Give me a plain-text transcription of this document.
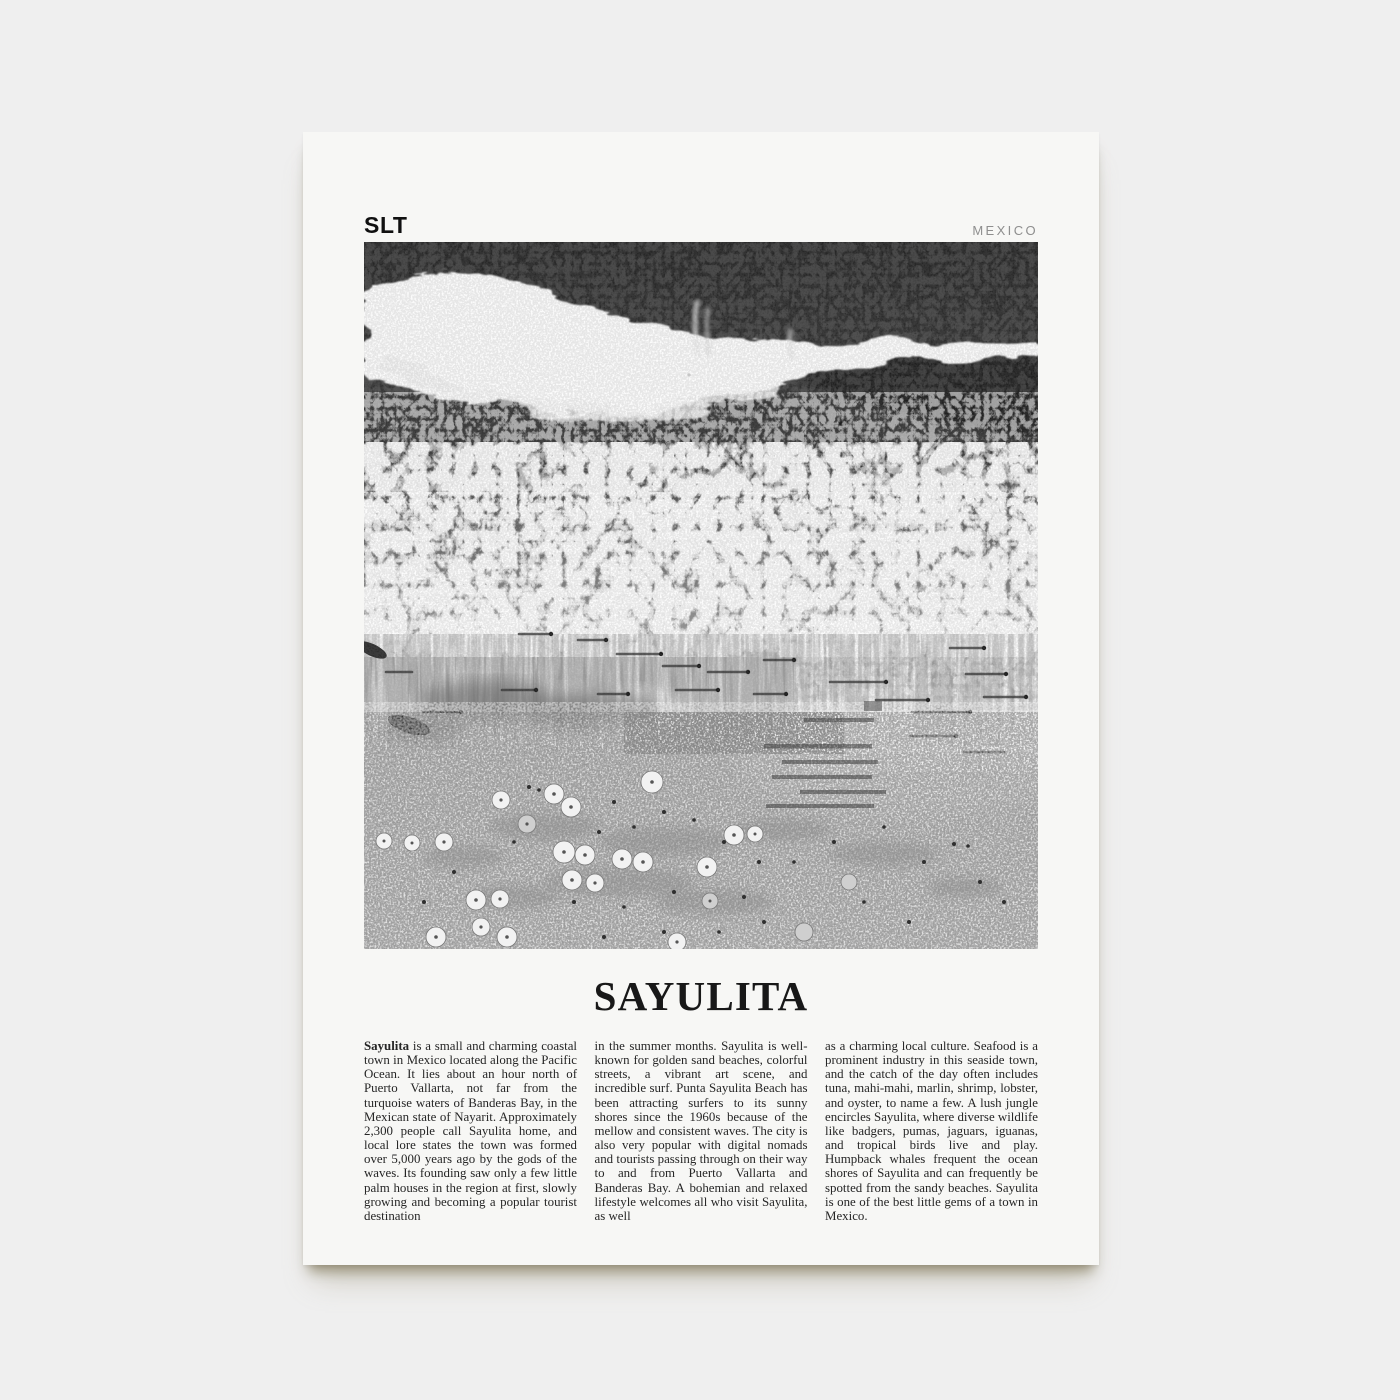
SLT	MEXICO
SAYULITA
Sayulita is a small and charming coastal town in Mexico located along the Pacific Ocean. It lies about an hour north of Puerto Vallarta, not far from the turquoise waters of Banderas Bay, in the Mexican state of Nayarit. Approximately 2,300 people call Sayulita home, and local lore states the town was formed over 5,000 years ago by the gods of the waves. Its founding saw only a few little palm houses in the region at first, slowly growing and becoming a popular tourist destination
in the summer months. Sayulita is well-known for golden sand beaches, colorful streets, a vibrant art scene, and incredible surf. Punta Sayulita Beach has been attracting surfers to its sunny shores since the 1960s because of the mellow and consistent waves. The city is also very popular with digital nomads and tourists passing through on their way to and from Puerto Vallarta and Banderas Bay. A bohemian and relaxed lifestyle welcomes all who visit Sayulita, as well
as a charming local culture. Seafood is a prominent industry in this seaside town, and the catch of the day often includes tuna, mahi-mahi, marlin, shrimp, lobster, and oyster, to name a few. A lush jungle encircles Sayulita, where diverse wildlife like badgers, pumas, jaguars, iguanas, and tropical birds live and play. Humpback whales frequent the ocean shores of Sayulita and can frequently be spotted from the sandy beaches. Sayulita is one of the best little gems of a town in Mexico.
